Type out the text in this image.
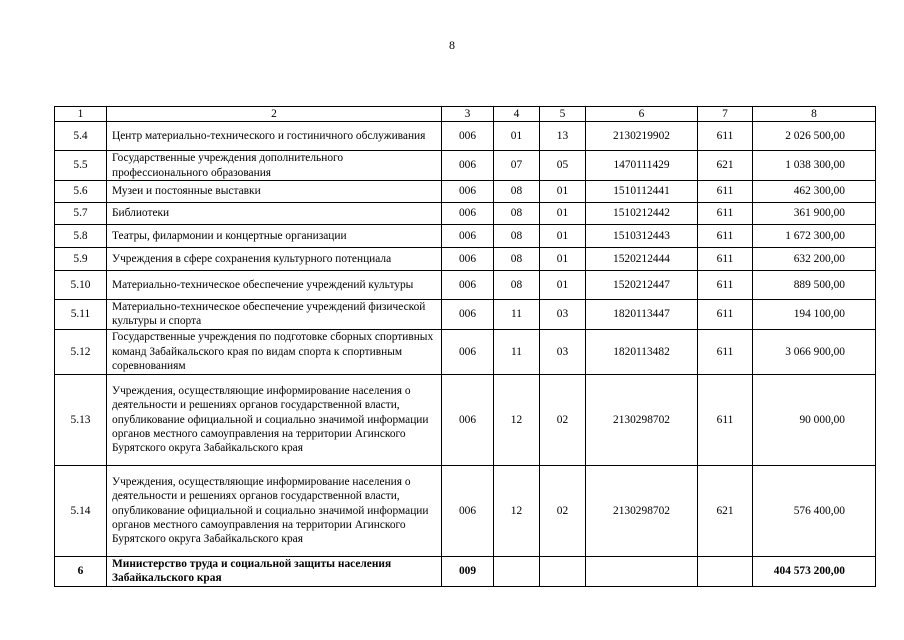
8
1	2	3	4	5	6	7	8
5.4	Центр материально-технического и гостиничного обслуживания	006	01	13	2130219902	611	2 026 500,00
5.5	Государственные учреждения дополнительного профессионального образования	006	07	05	1470111429	621	1 038 300,00
5.6	Музеи и постоянные выставки	006	08	01	1510112441	611	462 300,00
5.7	Библиотеки	006	08	01	1510212442	611	361 900,00
5.8	Театры, филармонии и концертные организации	006	08	01	1510312443	611	1 672 300,00
5.9	Учреждения в сфере сохранения культурного потенциала	006	08	01	1520212444	611	632 200,00
5.10	Материально-техническое обеспечение учреждений культуры	006	08	01	1520212447	611	889 500,00
5.11	Материально-техническое обеспечение учреждений физической культуры и спорта	006	11	03	1820113447	611	194 100,00
5.12	Государственные учреждения по подготовке сборных спортивных команд Забайкальского края по видам спорта к спортивным соревнованиям	006	11	03	1820113482	611	3 066 900,00
5.13	Учреждения, осуществляющие информирование населения о деятельности и решениях органов государственной власти, опубликование официальной и социально значимой информации органов местного самоуправления на территории Агинского Бурятского округа Забайкальского края	006	12	02	2130298702	611	90 000,00
5.14	Учреждения, осуществляющие информирование населения о деятельности и решениях органов государственной власти, опубликование официальной и социально значимой информации органов местного самоуправления на территории Агинского Бурятского округа Забайкальского края	006	12	02	2130298702	621	576 400,00
6	Министерство труда и социальной защиты населения Забайкальского края	009					404 573 200,00
